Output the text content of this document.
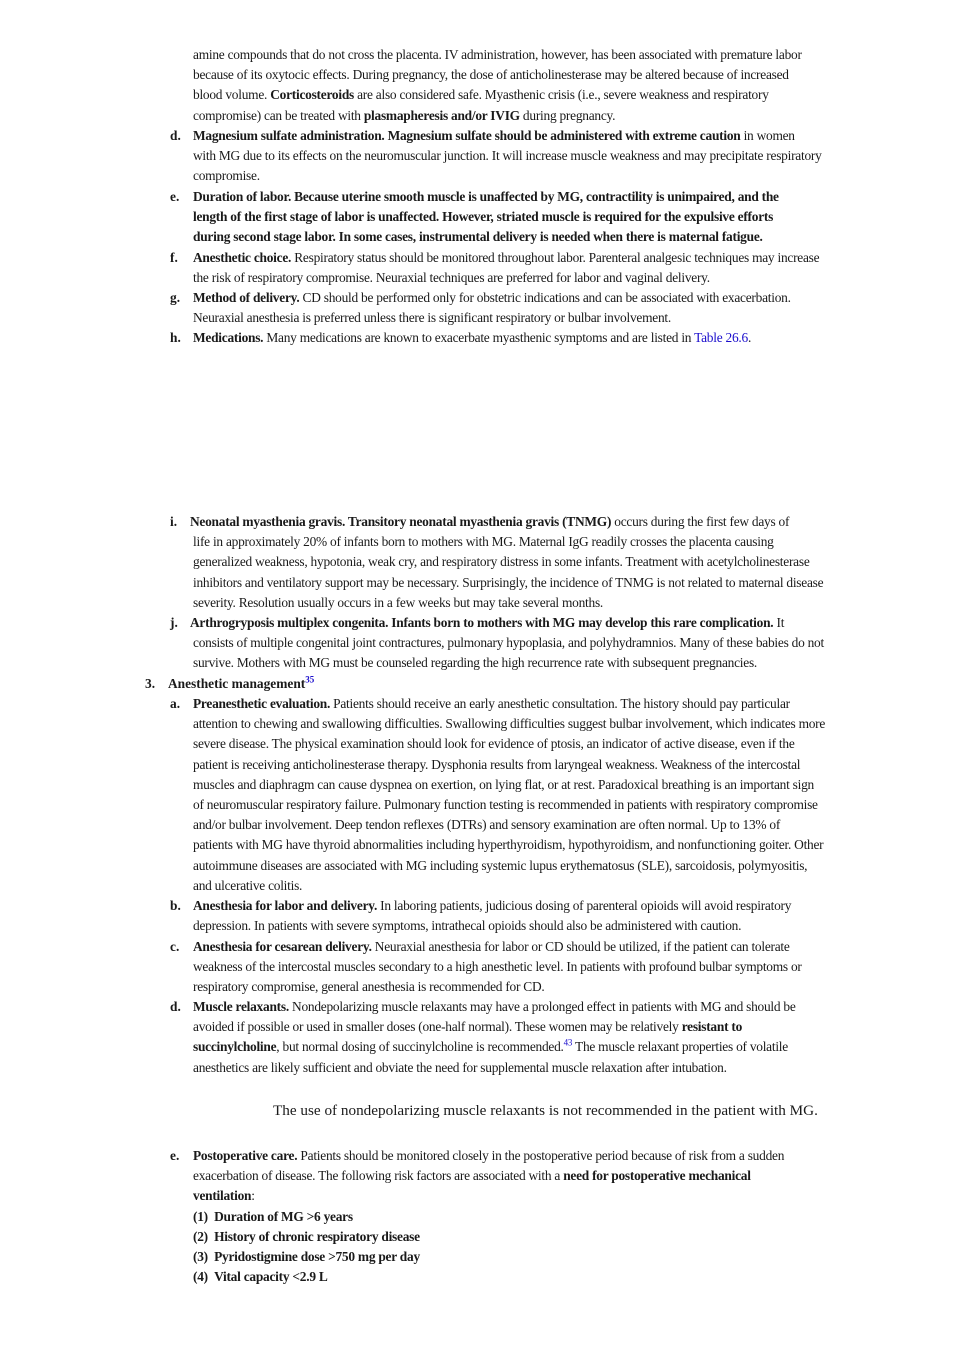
amine compounds that do not cross the placenta. IV administration, however, has been associated with premature labor

because of its oxytocic effects. During pregnancy, the dose of anticholinesterase may be altered because of increased

blood volume. Corticosteroids are also considered safe. Myasthenic crisis (i.e., severe weakness and respiratory

compromise) can be treated with plasmapheresis and/or IVIG during pregnancy.

d. Magnesium sulfate administration. Magnesium sulfate should be administered with extreme caution in women

with MG due to its effects on the neuromuscular junction. It will increase muscle weakness and may precipitate respiratory

compromise.

e. Duration of labor. Because uterine smooth muscle is unaffected by MG, contractility is unimpaired, and the

length of the first stage of labor is unaffected. However, striated muscle is required for the expulsive efforts

during second stage labor. In some cases, instrumental delivery is needed when there is maternal fatigue.

f. Anesthetic choice. Respiratory status should be monitored throughout labor. Parenteral analgesic techniques may increase

the risk of respiratory compromise. Neuraxial techniques are preferred for labor and vaginal delivery.

g. Method of delivery. CD should be performed only for obstetric indications and can be associated with exacerbation.

Neuraxial anesthesia is preferred unless there is significant respiratory or bulbar involvement.

h. Medications. Many medications are known to exacerbate myasthenic symptoms and are listed in Table 26.6.

i. Neonatal myasthenia gravis. Transitory neonatal myasthenia gravis (TNMG) occurs during the first few days of

life in approximately 20% of infants born to mothers with MG. Maternal IgG readily crosses the placenta causing

generalized weakness, hypotonia, weak cry, and respiratory distress in some infants. Treatment with acetylcholinesterase

inhibitors and ventilatory support may be necessary. Surprisingly, the incidence of TNMG is not related to maternal disease

severity. Resolution usually occurs in a few weeks but may take several months.

j. Arthrogryposis multiplex congenita. Infants born to mothers with MG may develop this rare complication. It

consists of multiple congenital joint contractures, pulmonary hypoplasia, and polyhydramnios. Many of these babies do not

survive. Mothers with MG must be counseled regarding the high recurrence rate with subsequent pregnancies.

3. Anesthetic management$^{35}$
a. Preanesthetic evaluation. Patients should receive an early anesthetic consultation. The history should pay particular

attention to chewing and swallowing difficulties. Swallowing difficulties suggest bulbar involvement, which indicates more

severe disease. The physical examination should look for evidence of ptosis, an indicator of active disease, even if the

patient is receiving anticholinesterase therapy. Dysphonia results from laryngeal weakness. Weakness of the intercostal

muscles and diaphragm can cause dyspnea on exertion, on lying flat, or at rest. Paradoxical breathing is an important sign

of neuromuscular respiratory failure. Pulmonary function testing is recommended in patients with respiratory compromise

and/or bulbar involvement. Deep tendon reflexes (DTRs) and sensory examination are often normal. Up to 13% of

patients with MG have thyroid abnormalities including hyperthyroidism, hypothyroidism, and nonfunctioning goiter. Other

autoimmune diseases are associated with MG including systemic lupus erythematosus (SLE), sarcoidosis, polymyositis,

and ulcerative colitis.

b. Anesthesia for labor and delivery. In laboring patients, judicious dosing of parenteral opioids will avoid respiratory

depression. In patients with severe symptoms, intrathecal opioids should also be administered with caution.

c. Anesthesia for cesarean delivery. Neuraxial anesthesia for labor or CD should be utilized, if the patient can tolerate

weakness of the intercostal muscles secondary to a high anesthetic level. In patients with profound bulbar symptoms or

respiratory compromise, general anesthesia is recommended for CD.

d. Muscle relaxants. Nondepolarizing muscle relaxants may have a prolonged effect in patients with MG and should be

avoided if possible or used in smaller doses (one-half normal). These women may be relatively resistant to

succinylcholine, but normal dosing of succinylcholine is recommended.$^{43}$ The muscle relaxant properties of volatile

anesthetics are likely sufficient and obviate the need for supplemental muscle relaxation after intubation.

The use of nondepolarizing muscle relaxants is not recommended in the patient with MG.
e. Postoperative care. Patients should be monitored closely in the postoperative period because of risk from a sudden

exacerbation of disease. The following risk factors are associated with a need for postoperative mechanical

ventilation:

(1) Duration of MG >6 years

(2) History of chronic respiratory disease

(3) Pyridostigmine dose >750 mg per day

(4) Vital capacity <2.9 L
